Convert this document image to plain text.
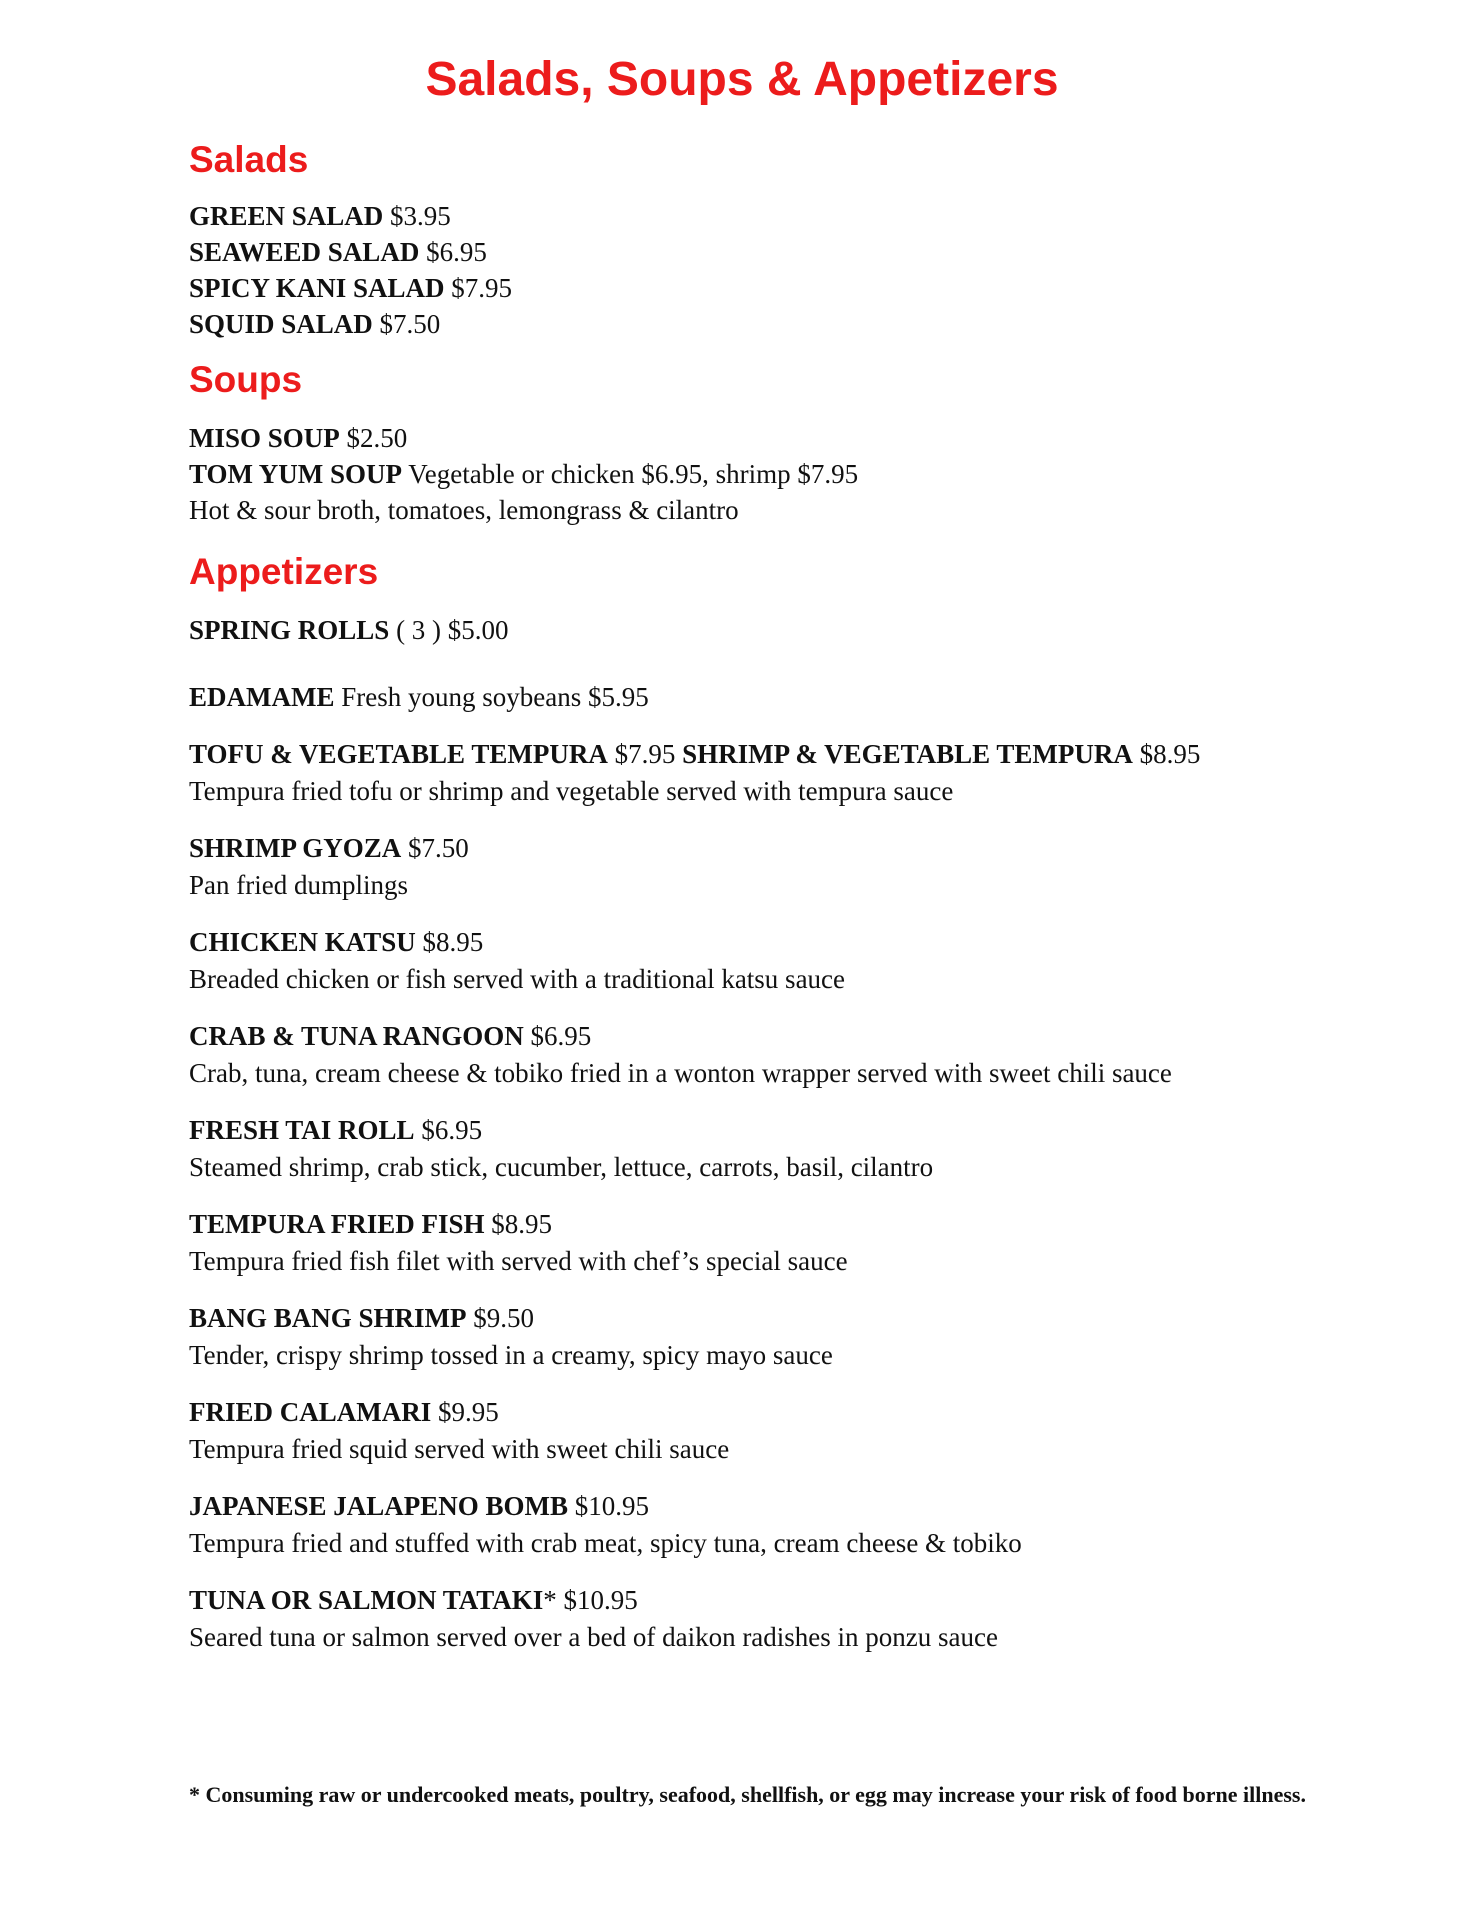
Salads, Soups & Appetizers
Salads

GREEN SALAD $3.95

SEAWEED SALAD $6.95

SPICY KANI SALAD $7.95

SQUID SALAD $7.50

Soups

MISO SOUP $2.50

TOM YUM SOUP Vegetable or chicken $6.95, shrimp $7.95

Hot & sour broth, tomatoes, lemongrass & cilantro

Appetizers

SPRING ROLLS ( 3 ) $5.00

EDAMAME Fresh young soybeans $5.95

TOFU & VEGETABLE TEMPURA $7.95 SHRIMP & VEGETABLE TEMPURA $8.95
Tempura fried tofu or shrimp and vegetable served with tempura sauce

SHRIMP GYOZA $7.50
Pan fried dumplings

CHICKEN KATSU $8.95
Breaded chicken or fish served with a traditional katsu sauce

CRAB & TUNA RANGOON $6.95
Crab, tuna, cream cheese & tobiko fried in a wonton wrapper served with sweet chili sauce

FRESH TAI ROLL $6.95
Steamed shrimp, crab stick, cucumber, lettuce, carrots, basil, cilantro

TEMPURA FRIED FISH $8.95
Tempura fried fish filet with served with chef’s special sauce

BANG BANG SHRIMP $9.50
Tender, crispy shrimp tossed in a creamy, spicy mayo sauce

FRIED CALAMARI $9.95
Tempura fried squid served with sweet chili sauce

JAPANESE JALAPENO BOMB $10.95
Tempura fried and stuffed with crab meat, spicy tuna, cream cheese & tobiko

TUNA OR SALMON TATAKI* $10.95
Seared tuna or salmon served over a bed of daikon radishes in ponzu sauce

* Consuming raw or undercooked meats, poultry, seafood, shellfish, or egg may increase your risk of food borne illness.
